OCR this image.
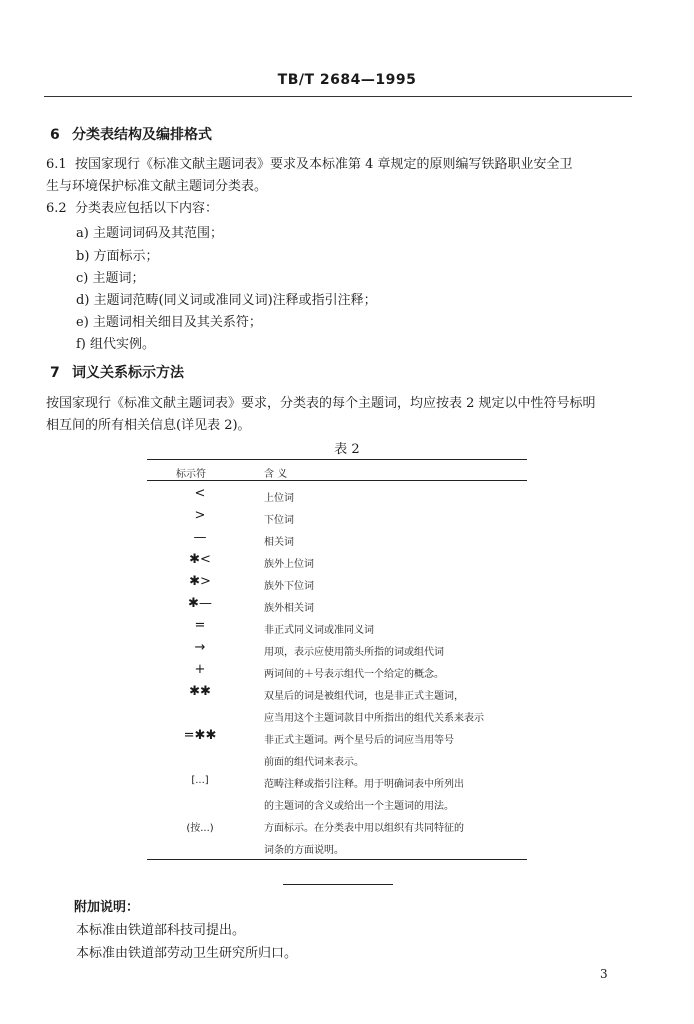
TB/T 2684—1995
6 分类表结构及编排格式
6.1 按国家现行《标准文献主题词表》要求及本标准第 4 章规定的原则编写铁路职业安全卫
生与环境保护标准文献主题词分类表。
6.2 分类表应包括以下内容：
a) 主题词词码及其范围；
b) 方面标示；
c) 主题词；
d) 主题词范畴(同义词或准同义词)注释或指引注释；
e) 主题词相关细目及其关系符；
f) 组代实例。
7 词义关系标示方法
按国家现行《标准文献主题词表》要求，分类表的每个主题词，均应按表 2 规定以中性符号标明
相互间的所有相关信息(详见表 2)。
表 2
标示符	含 义
<	上位词
>	下位词
—	相关词
✱<	族外上位词
✱>	族外下位词
✱—	族外相关词
=	非正式同义词或准同义词
→	用项，表示应使用箭头所指的词或组代词
+	两词间的＋号表示组代一个给定的概念。
✱✱	双星后的词是被组代词，也是非正式主题词，
应当用这个主题词款目中所指出的组代关系来表示
=✱✱	非正式主题词。两个星号后的词应当用等号
前面的组代词来表示。
[...]	范畴注释或指引注释。用于明确词表中所列出
的主题词的含义或给出一个主题词的用法。
(按...)	方面标示。在分类表中用以组织有共同特征的
词条的方面说明。
附加说明：
本标准由铁道部科技司提出。
本标准由铁道部劳动卫生研究所归口。
3
